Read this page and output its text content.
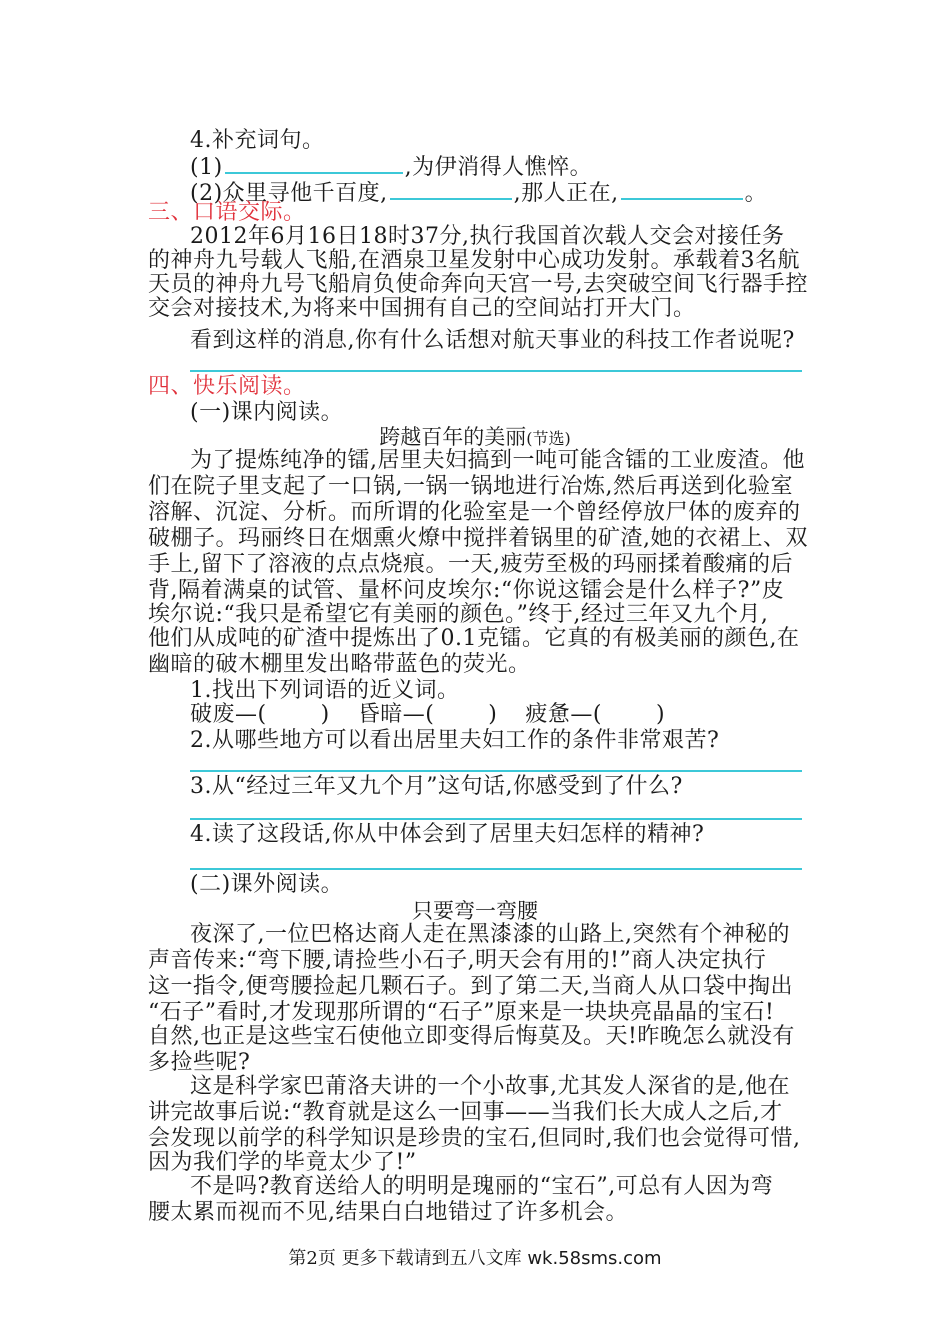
4.补充词句。
(1)	,为伊消得人憔悴。
(2)众里寻他千百度,	,那人正在,	。
三、口语交际。
2012年6月16日18时37分,执行我国首次载人交会对接任务
的神舟九号载人飞船,在酒泉卫星发射中心成功发射。承载着3名航
天员的神舟九号飞船肩负使命奔向天宫一号,去突破空间飞行器手控
交会对接技术,为将来中国拥有自己的空间站打开大门。
看到这样的消息,你有什么话想对航天事业的科技工作者说呢?
四、快乐阅读。
(一)课内阅读。
跨越百年的美丽(节选)
为了提炼纯净的镭,居里夫妇搞到一吨可能含镭的工业废渣。他
们在院子里支起了一口锅,一锅一锅地进行冶炼,然后再送到化验室
溶解、沉淀、分析。而所谓的化验室是一个曾经停放尸体的废弃的
破棚子。玛丽终日在烟熏火燎中搅拌着锅里的矿渣,她的衣裙上、双
手上,留下了溶液的点点烧痕。一天,疲劳至极的玛丽揉着酸痛的后
背,隔着满桌的试管、量杯问皮埃尔:“你说这镭会是什么样子?”皮
埃尔说:“我只是希望它有美丽的颜色。”终于,经过三年又九个月,
他们从成吨的矿渣中提炼出了0.1克镭。它真的有极美丽的颜色,在
幽暗的破木棚里发出略带蓝色的荧光。
1.找出下列词语的近义词。
破废—( ) 昏暗—( ) 疲惫—( )
2.从哪些地方可以看出居里夫妇工作的条件非常艰苦?
3.从“经过三年又九个月”这句话,你感受到了什么?
4.读了这段话,你从中体会到了居里夫妇怎样的精神?
(二)课外阅读。
只要弯一弯腰
夜深了,一位巴格达商人走在黑漆漆的山路上,突然有个神秘的
声音传来:“弯下腰,请捡些小石子,明天会有用的!”商人决定执行
这一指令,便弯腰捡起几颗石子。到了第二天,当商人从口袋中掏出
“石子”看时,才发现那所谓的“石子”原来是一块块亮晶晶的宝石!
自然,也正是这些宝石使他立即变得后悔莫及。天!昨晚怎么就没有
多捡些呢?
这是科学家巴莆洛夫讲的一个小故事,尤其发人深省的是,他在
讲完故事后说:“教育就是这么一回事——当我们长大成人之后,才
会发现以前学的科学知识是珍贵的宝石,但同时,我们也会觉得可惜,
因为我们学的毕竟太少了!”
不是吗?教育送给人的明明是瑰丽的“宝石”,可总有人因为弯
腰太累而视而不见,结果白白地错过了许多机会。
第2页 更多下载请到五八文库 wk.58sms.com
